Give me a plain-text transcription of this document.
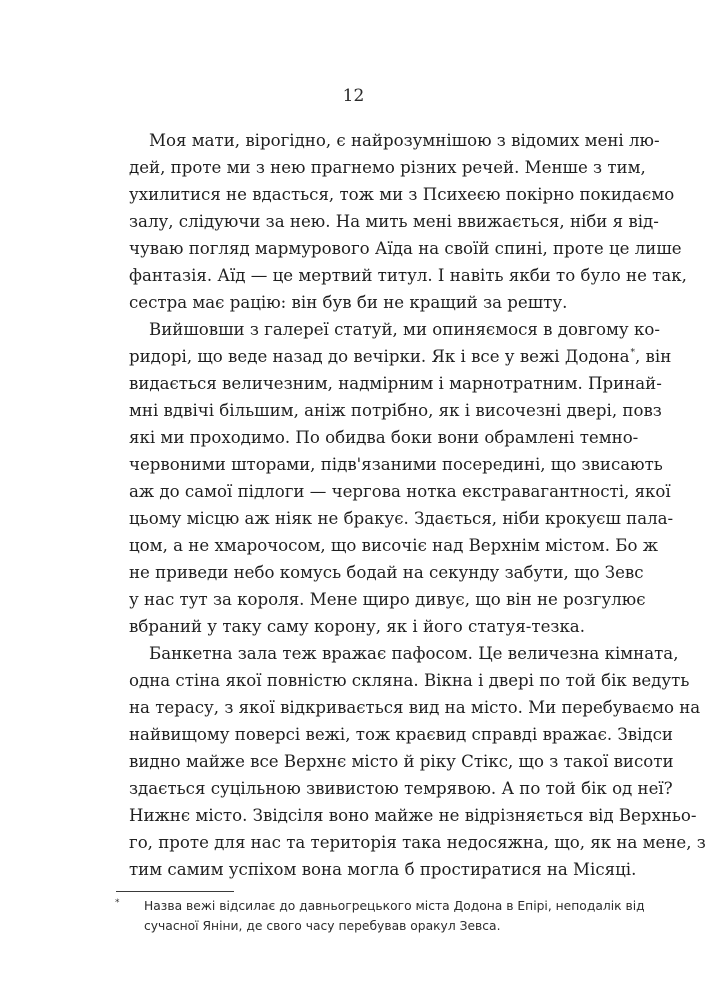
12

Моя мати, вірогідно, є найрозумнішою з відомих мені лю-

дей, проте ми з нею прагнемо різних речей. Менше з тим,

ухилитися не вдасться, тож ми з Психеєю покірно покидаємо

залу, слідуючи за нею. На мить мені ввижається, ніби я від-

чуваю погляд мармурового Аїда на своїй спині, проте це лише

фантазія. Аїд — це мертвий титул. І навіть якби то було не так,

сестра має рацію: він був би не кращий за решту.

Вийшовши з галереї статуй, ми опиняємося в довгому ко-

ридорі, що веде назад до вечірки. Як і все у вежі Додона*, він

видається величезним, надмірним і марнотратним. Принай-

мні вдвічі більшим, аніж потрібно, як і височезні двері, повз

які ми проходимо. По обидва боки вони обрамлені темно-

червоними шторами, підв'язаними посередині, що звисають

аж до самої підлоги — чергова нотка екстравагантності, якої

цьому місцю аж ніяк не бракує. Здається, ніби крокуєш пала-

цом, а не хмарочосом, що височіє над Верхнім містом. Бо ж

не приведи небо комусь бодай на секунду забути, що Зевс

у нас тут за короля. Мене щиро дивує, що він не розгулює

вбраний у таку саму корону, як і його статуя-тезка.

Банкетна зала теж вражає пафосом. Це величезна кімната,

одна стіна якої повністю скляна. Вікна і двері по той бік ведуть

на терасу, з якої відкривається вид на місто. Ми перебуваємо на

найвищому поверсі вежі, тож краєвид справді вражає. Звідси

видно майже все Верхнє місто й ріку Стікс, що з такої висоти

здається суцільною звивистою темрявою. А по той бік од неї?

Нижнє місто. Звідсіля воно майже не відрізняється від Верхньо-

го, проте для нас та територія така недосяжна, що, як на мене, з

тим самим успіхом вона могла б простиратися на Місяці.

* Назва вежі відсилає до давньогрецького міста Додона в Епірі, неподалік від

сучасної Яніни, де свого часу перебував оракул Зевса.
